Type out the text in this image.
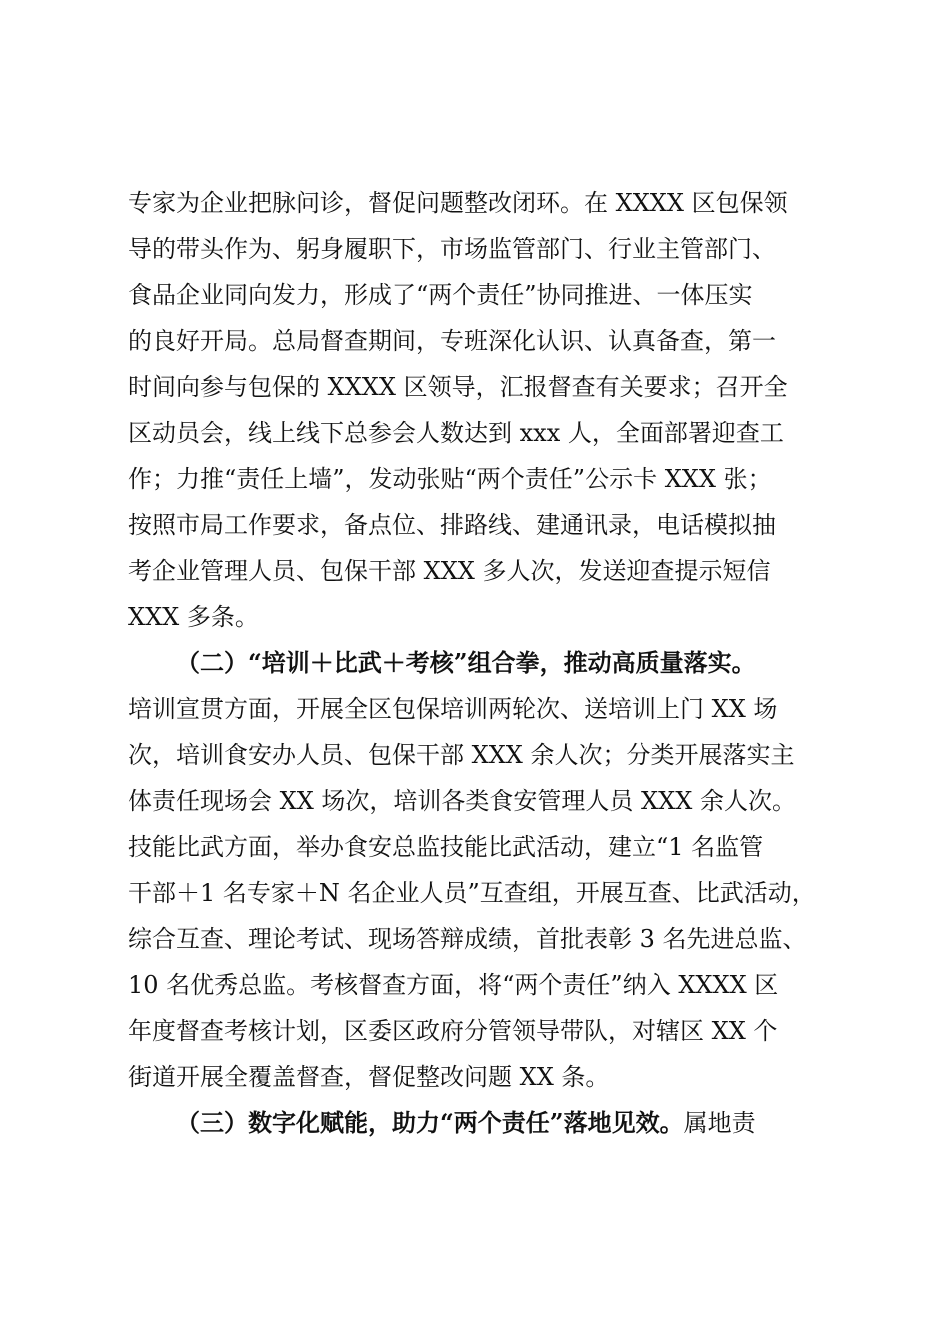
专家为企业把脉问诊，督促问题整改闭环。在 XXXX 区包保领
导的带头作为、躬身履职下，市场监管部门、行业主管部门、
食品企业同向发力，形成了“两个责任”协同推进、一体压实
的良好开局。总局督查期间，专班深化认识、认真备查，第一
时间向参与包保的 XXXX 区领导，汇报督查有关要求；召开全
区动员会，线上线下总参会人数达到 xxx 人，全面部署迎查工
作；力推“责任上墙”，发动张贴“两个责任”公示卡 XXX 张；
按照市局工作要求，备点位、排路线、建通讯录，电话模拟抽
考企业管理人员、包保干部 XXX 多人次，发送迎查提示短信
XXX 多条。
（二）“培训＋比武＋考核”组合拳，推动高质量落实。
培训宣贯方面，开展全区包保培训两轮次、送培训上门 XX 场
次，培训食安办人员、包保干部 XXX 余人次；分类开展落实主
体责任现场会 XX 场次，培训各类食安管理人员 XXX 余人次。
技能比武方面，举办食安总监技能比武活动，建立“1 名监管
干部＋1 名专家＋N 名企业人员”互查组，开展互查、比武活动，
综合互查、理论考试、现场答辩成绩，首批表彰 3 名先进总监、
10 名优秀总监。考核督查方面，将“两个责任”纳入 XXXX 区
年度督查考核计划，区委区政府分管领导带队，对辖区 XX 个
街道开展全覆盖督查，督促整改问题 XX 条。
（三）数字化赋能，助力“两个责任”落地见效。属地责
